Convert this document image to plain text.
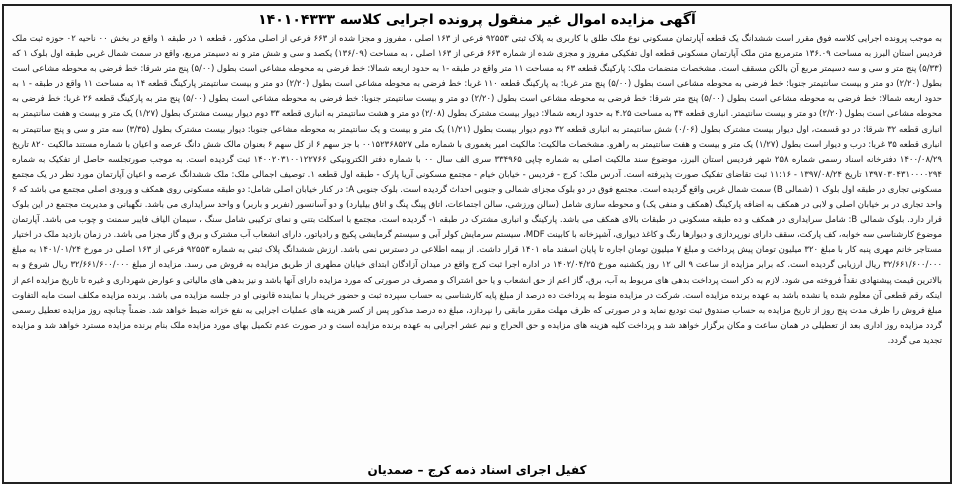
آگهی مزایده اموال غیر منقول پرونده اجرایی کلاسه ۱۴۰۱۰۴۳۳۳
به موجب پرونده اجرایی کلاسه فوق مقرر است ششدانگ یک قطعه آپارتمان مسکونی نوع ملک طلق با کاربری به پلاک ثبتی ۹۲۵۵۳ فرعی از ۱۶۳ اصلی ، مفروز و مجزا شده از ۶۶۳ فرعی از اصلی مذکور ، قطعه ۱ در طبقه ۱ واقع در بخش ۰۰ ناحیه ۰۲ حوزه ثبت ملک فردیس استان البرز به مساحت ۱۳۶.۰۹ مترمربع متن ملک آپارتمان مسکونی قطعه اول تفکیکی مفروز و مجزی شده از شماره ۶۶۳ فرعی از ۱۶۳ اصلی ، به مساحت (۱۳۶/۰۹) یکصد و سی و شش متر و نه دسیمتر مربع، واقع در سمت شمال غربی طبقه اول بلوک ۱ که (۵/۳۳) پنج متر و سی و سه دسیمتر مربع آن بالکن مسقف است. مشخصات منضمات ملک: پارکینگ قطعه ۶۳ به مساحت ۱۱ متر واقع در طبقه -۱ به حدود اربعه شمالا: خط فرضی به محوطه مشاعی است بطول (۵/۰۰) پنج متر شرقا: خط فرضی به محوطه مشاعی است بطول (۲/۲۰) دو متر و بیست سانتیمتر جنوبا: خط فرضی به محوطه مشاعی است بطول (۵/۰۰) پنج متر غربا: به پارکینگ قطعه ۱۱۰ غربا: خط فرضی به محوطه مشاعی است بطول (۲/۲۰) دو متر و بیست سانتیمتر پارکینگ قطعه ۱۴ به مساحت ۱۱ واقع در طبقه - ۱ به حدود اربعه شمالا: خط فرضی به محوطه مشاعی است بطول (۵/۰۰) پنج متر شرقا: خط فرضی به محوطه مشاعی است بطول (۲/۲۰) دو متر و بیست سانتیمتر جنوبا: خط فرضی به محوطه مشاعی است بطول (۵/۰۰) پنج متر به پارکینگ قطعه ۲۶ غربا: خط فرضی به محوطه مشاعی است بطول (۲/۲۰) دو متر و بیست سانتیمتر. انباری قطعه ۳۴ به مساحت ۴.۲۵ به حدود اربعه شمالا: دیوار بیست مشترک بطول (۲/۰۸) دو متر و هشت سانتیمتر به انباری قطعه ۳۳ دوم دیوار بیست مشترک بطول (۱/۲۷) یک متر و بیست و هفت سانتیمتر به انباری قطعه ۳۲ شرقا: در دو قسمت، اول دیوار بیست مشترک بطول (۰/۰۶) شش سانتیمتر به انباری قطعه ۳۲ دوم دیوار بیست بطول (۱/۲۱) یک متر و بیست و یک سانتیمتر به محوطه مشاعی جنوبا: دیوار بیست مشترک بطول (۳/۳۵) سه متر و سی و پنج سانتیمتر به انباری قطعه ۳۵ غربا: درب و دیوار است بطول (۱/۲۷) یک متر و بیست و هفت سانتیمتر به راهرو. مشخصات مالکیت: مالکیت امیر یغموری با شماره ملی ۰۰۱۵۲۳۶۸۵۲۷ با جز سهم ۶ از کل سهم ۶ بعنوان مالک شش دانگ عرصه و اعیان با شماره مستند مالکیت ۸۲۰ تاریخ ۱۴۰۰/۰۸/۲۹ دفترخانه اسناد رسمی شماره ۲۵۸ شهر فردیس استان البرز، موضوع سند مالکیت اصلی به شماره چاپی ۳۳۴۹۶۵ سری الف سال ۰۰ با شماره دفتر الکترونیکی ۱۴۰۰۲۰۳۱۰۰۱۲۲۷۶۶ ثبت گردیده است. به موجب صورتجلسه حاصل از تفکیک به شماره ۱۳۹۷۰۳۰۴۳۱۰۰۰۰۲۹۴ تاریخ ۱۳۹۷/۰۸/۲۴ - ۱۱:۱۶ ثبت تقاضای تفکیک صورت پذیرفته است. آدرس ملک: کرج - فردیس - خیابان خیام - مجتمع مسکونی آریا پارک - طبقه اول قطعه ۱. توصیف اجمالی ملک: ملک ششدانگ عرصه و اعیان آپارتمان مورد نظر در یک مجتمع مسکونی تجاری در طبقه اول بلوک ۱ (شمالی B) سمت شمال غربی واقع گردیده است. مجتمع فوق در دو بلوک مجزای شمالی و جنوبی احداث گردیده است. بلوک جنوبی A: در کنار خیابان اصلی شامل: دو طبقه مسکونی روی همکف و ورودی اصلی مجتمع می باشد که ۶ واحد تجاری در بر خیابان اصلی و لابی در همکف به اضافه پارکینگ (همکف و منفی یک) و محوطه سازی شامل (سالن ورزشی، سالن اجتماعات، اتاق پینگ پنگ و اتاق بیلیارد) و دو آسانسور (نفربر و باربر) و واحد سرایداری می باشد. نگهبانی و مدیریت مجتمع در این بلوک قرار دارد. بلوک شمالی B: شامل سرایداری در همکف و ده طبقه مسکونی در طبقات بالای همکف می باشد. پارکینگ و انباری مشترک در طبقه ۱- گردیده است. مجتمع با اسکلت بتنی و نمای ترکیبی شامل سنگ ، سیمان الیاف فایبر سمنت و چوب می باشد. آپارتمان موضوع کارشناسی سه خوابه، کف پارکت، سقف دارای نورپردازی و دیوارها رنگ و کاغذ دیواری، آشپزخانه با کابینت MDF، سیستم سرمایش کولر آبی و سیستم گرمایشی پکیج و رادیاتور، دارای انشعاب آب مشترک و برق و گاز مجزا می باشد. در زمان بازدید ملک در اختیار مستاجر خانم مهری پنبه کار با مبلغ ۳۲۰ میلیون تومان پیش پرداخت و مبلغ ۷ میلیون تومان اجاره تا پایان اسفند ماه ۱۴۰۱ قرار داشت. از بیمه اطلاعی در دسترس نمی باشد. ارزش ششدانگ پلاک ثبتی به شماره ۹۲۵۵۳ فرعی از ۱۶۳ اصلی در مورخ ۱۴۰۱/۰۱/۲۴ به مبلغ ۳۲/۶۶۱/۶۰۰/۰۰۰ ریال ارزیابی گردیده است. که برابر مزایده از ساعت ۹ الی ۱۲ روز یکشنبه مورخ ۱۴۰۲/۰۴/۲۵ در اداره اجرا ثبت کرج واقع در میدان آزادگان ابتدای خیابان مطهری از طریق مزایده به فروش می رسد. مزایده از مبلغ ۳۲/۶۶۱/۶۰۰/۰۰۰ ریال شروع و به بالاترین قیمت پیشنهادی نقداً فروخته می شود. لازم به ذکر است پرداخت بدهی های مربوط به آب، برق، گاز اعم از حق انشعاب و یا حق اشتراک و مصرف در صورتی که مورد مزایده دارای آنها باشد و نیز بدهی های مالیاتی و عوارض شهرداری و غیره تا تاریخ مزایده اعم از اینکه رقم قطعی آن معلوم شده یا نشده باشد به عهده برنده مزایده است. شرکت در مزایده منوط به پرداخت ده درصد از مبلغ پایه کارشناسی به حساب سپرده ثبت و حضور خریدار یا نماینده قانونی او در جلسه مزایده می باشد. برنده مزایده مکلف است مابه التفاوت مبلغ فروش را ظرف مدت پنج روز از تاریخ مزایده به حساب صندوق ثبت تودیع نماید و در صورتی که ظرف مهلت مقرر مابقی را نپردازد، مبلغ ده درصد مذکور پس از کسر هزینه های عملیات اجرایی به نفع خزانه ضبط خواهد شد. ضمناً چنانچه روز مزایده تعطیل رسمی گردد مزایده روز اداری بعد از تعطیلی در همان ساعت و مکان برگزار خواهد شد و پرداخت کلیه هزینه های مزایده و حق الحراج و نیم عشر اجرایی به عهده برنده مزایده است و در صورت عدم تکمیل بهای مورد مزایده ملک بنام برنده مزایده مسترد خواهد شد و مزایده تجدید می گردد.
کفیل اجرای اسناد ذمه کرج – صمدیان
